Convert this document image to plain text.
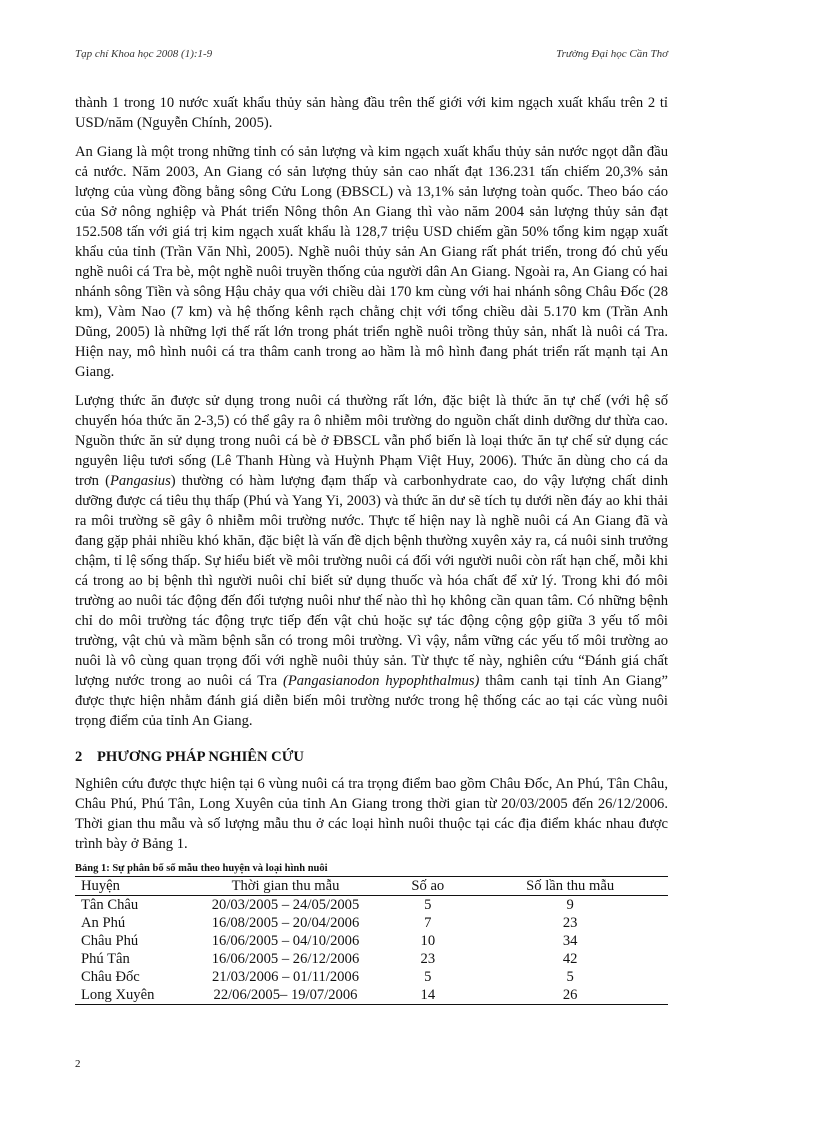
Tạp chí Khoa học 2008 (1):1-9	Trường Đại học Cần Thơ

thành 1 trong 10 nước xuất khẩu thủy sản hàng đầu trên thế giới với kim ngạch xuất khẩu trên 2 tỉ USD/năm (Nguyễn Chính, 2005).

An Giang là một trong những tỉnh có sản lượng và kim ngạch xuất khẩu thủy sản nước ngọt dẫn đầu cả nước. Năm 2003, An Giang có sản lượng thủy sản cao nhất đạt 136.231 tấn chiếm 20,3% sản lượng của vùng đồng bằng sông Cửu Long (ĐBSCL) và 13,1% sản lượng toàn quốc. Theo báo cáo của Sở nông nghiệp và Phát triển Nông thôn An Giang thì vào năm 2004 sản lượng thủy sản đạt 152.508 tấn với giá trị kim ngạch xuất khẩu là 128,7 triệu USD chiếm gần 50% tổng kim ngạp xuất khẩu của tỉnh (Trần Văn Nhì, 2005). Nghề nuôi thủy sản An Giang rất phát triển, trong đó chủ yếu nghề nuôi cá Tra bè, một nghề nuôi truyền thống của người dân An Giang. Ngoài ra, An Giang có hai nhánh sông Tiền và sông Hậu chảy qua với chiều dài 170 km cùng với hai nhánh sông Châu Đốc (28 km), Vàm Nao (7 km) và hệ thống kênh rạch chằng chịt với tổng chiều dài 5.170 km (Trần Anh Dũng, 2005) là những lợi thế rất lớn trong phát triển nghề nuôi trồng thủy sản, nhất là nuôi cá Tra. Hiện nay, mô hình nuôi cá tra thâm canh trong ao hầm là mô hình đang phát triển rất mạnh tại An Giang.

Lượng thức ăn được sử dụng trong nuôi cá thường rất lớn, đặc biệt là thức ăn tự chế (với hệ số chuyển hóa thức ăn 2-3,5) có thể gây ra ô nhiễm môi trường do nguồn chất dinh dưỡng dư thừa cao. Nguồn thức ăn sử dụng trong nuôi cá bè ở ĐBSCL vẫn phổ biến là loại thức ăn tự chế sử dụng các nguyên liệu tươi sống (Lê Thanh Hùng và Huỳnh Phạm Việt Huy, 2006). Thức ăn dùng cho cá da trơn (Pangasius) thường có hàm lượng đạm thấp và carbonhydrate cao, do vậy lượng chất dinh dưỡng được cá tiêu thụ thấp (Phú và Yang Yi, 2003) và thức ăn dư sẽ tích tụ dưới nền đáy ao khi thải ra môi trường sẽ gây ô nhiễm môi trường nước. Thực tế hiện nay là nghề nuôi cá An Giang đã và đang gặp phải nhiều khó khăn, đặc biệt là vấn đề dịch bệnh thường xuyên xảy ra, cá nuôi sinh trưởng chậm, tỉ lệ sống thấp. Sự hiểu biết về môi trường nuôi cá đối với người nuôi còn rất hạn chế, mỗi khi cá trong ao bị bệnh thì người nuôi chỉ biết sử dụng thuốc và hóa chất để xử lý. Trong khi đó môi trường ao nuôi tác động đến đối tượng nuôi như thế nào thì họ không cần quan tâm. Có những bệnh chỉ do môi trường tác động trực tiếp đến vật chủ hoặc sự tác động cộng gộp giữa 3 yếu tố môi trường, vật chủ và mầm bệnh sẵn có trong môi trường. Vì vậy, nắm vững các yếu tố môi trường ao nuôi là vô cùng quan trọng đối với nghề nuôi thủy sản. Từ thực tế này, nghiên cứu “Đánh giá chất lượng nước trong ao nuôi cá Tra (Pangasianodon hypophthalmus) thâm canh tại tỉnh An Giang” được thực hiện nhằm đánh giá diễn biến môi trường nước trong hệ thống các ao tại các vùng nuôi trọng điểm của tỉnh An Giang.

2 PHƯƠNG PHÁP NGHIÊN CỨU

Nghiên cứu được thực hiện tại 6 vùng nuôi cá tra trọng điểm bao gồm Châu Đốc, An Phú, Tân Châu, Châu Phú, Phú Tân, Long Xuyên của tỉnh An Giang trong thời gian từ 20/03/2005 đến 26/12/2006. Thời gian thu mẫu và số lượng mẫu thu ở các loại hình nuôi thuộc tại các địa điểm khác nhau được trình bày ở Bảng 1.

Bảng 1: Sự phân bố số mẫu theo huyện và loại hình nuôi
Huyện	Thời gian thu mẫu	Số ao	Số lần thu mẫu
Tân Châu	20/03/2005 – 24/05/2005	5	9
An Phú	16/08/2005 – 20/04/2006	7	23
Châu Phú	16/06/2005 – 04/10/2006	10	34
Phú Tân	16/06/2005 – 26/12/2006	23	42
Châu Đốc	21/03/2006 – 01/11/2006	5	5
Long Xuyên	22/06/2005– 19/07/2006	14	26
2
